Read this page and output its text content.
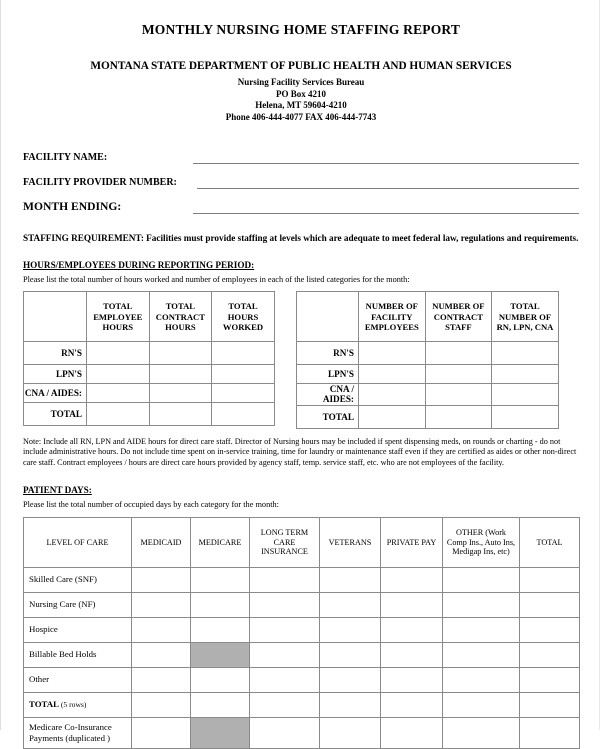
MONTHLY NURSING HOME STAFFING REPORT
MONTANA STATE DEPARTMENT OF PUBLIC HEALTH AND HUMAN SERVICES
Nursing Facility Services Bureau
PO Box 4210
Helena, MT 59604-4210
Phone 406-444-4077 FAX 406-444-7743
FACILITY NAME:
FACILITY PROVIDER NUMBER:
MONTH ENDING:
STAFFING REQUIREMENT: Facilities must provide staffing at levels which are adequate to meet federal law, regulations and requirements.
HOURS/EMPLOYEES DURING REPORTING PERIOD:
Please list the total number of hours worked and number of employees in each of the listed categories for the month:
	TOTAL EMPLOYEE HOURS	TOTAL CONTRACT HOURS	TOTAL HOURS WORKED
RN'S			
LPN'S			
CNA / AIDES:			
TOTAL			
	NUMBER OF FACILITY EMPLOYEES	NUMBER OF CONTRACT STAFF	TOTAL NUMBER OF RN, LPN, CNA
RN'S			
LPN'S			
CNA / AIDES:			
TOTAL			
Note: Include all RN, LPN and AIDE hours for direct care staff. Director of Nursing hours may be included if spent dispensing meds, on rounds or charting - do not include administrative hours. Do not include time spent on in-service training, time for laundry or maintenance staff even if they are certified as aides or other non-direct care staff. Contract employees / hours are direct care hours provided by agency staff, temp. service staff, etc. who are not employees of the facility.
PATIENT DAYS:
Please list the total number of occupied days by each category for the month:
LEVEL OF CARE	MEDICAID	MEDICARE	LONG TERM CARE INSURANCE	VETERANS	PRIVATE PAY	OTHER (Work Comp Ins., Auto Ins, Medigap Ins, etc)	TOTAL
Skilled Care (SNF)							
Nursing Care (NF)							
Hospice							
Billable Bed Holds							
Other							
TOTAL (5 rows)							
Medicare Co-Insurance Payments (duplicated )							
